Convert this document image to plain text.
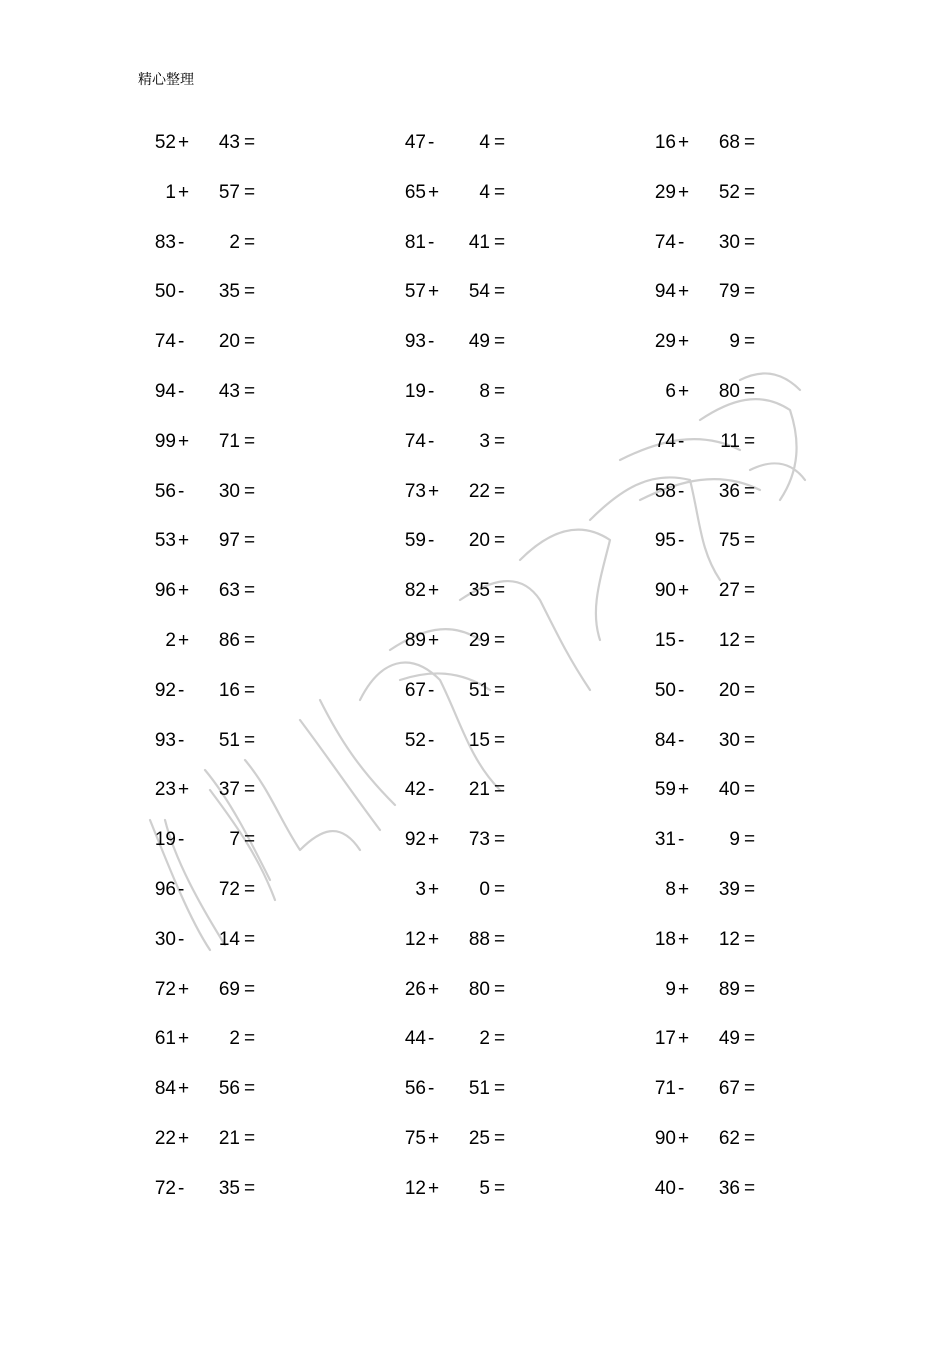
精心整理
52 +	43 =
1 +	57 =
83 -	2 =
50 -	35 =
74 -	20 =
94 -	43 =
99 +	71 =
56 -	30 =
53 +	97 =
96 +	63 =
2 +	86 =
92 -	16 =
93 -	51 =
23 +	37 =
19 -	7 =
96 -	72 =
30 -	14 =
72 +	69 =
61 +	2 =
84 +	56 =
22 +	21 =
72 -	35 =
47 -	4 =
65 +	4 =
81 -	41 =
57 +	54 =
93 -	49 =
19 -	8 =
74 -	3 =
73 +	22 =
59 -	20 =
82 +	35 =
89 +	29 =
67 -	51 =
52 -	15 =
42 -	21 =
92 +	73 =
3 +	0 =
12 +	88 =
26 +	80 =
44 -	2 =
56 -	51 =
75 +	25 =
12 +	5 =
16 +	68 =
29 +	52 =
74 -	30 =
94 +	79 =
29 +	9 =
6 +	80 =
74 -	11 =
58 -	36 =
95 -	75 =
90 +	27 =
15 -	12 =
50 -	20 =
84 -	30 =
59 +	40 =
31 -	9 =
8 +	39 =
18 +	12 =
9 +	89 =
17 +	49 =
71 -	67 =
90 +	62 =
40 -	36 =
